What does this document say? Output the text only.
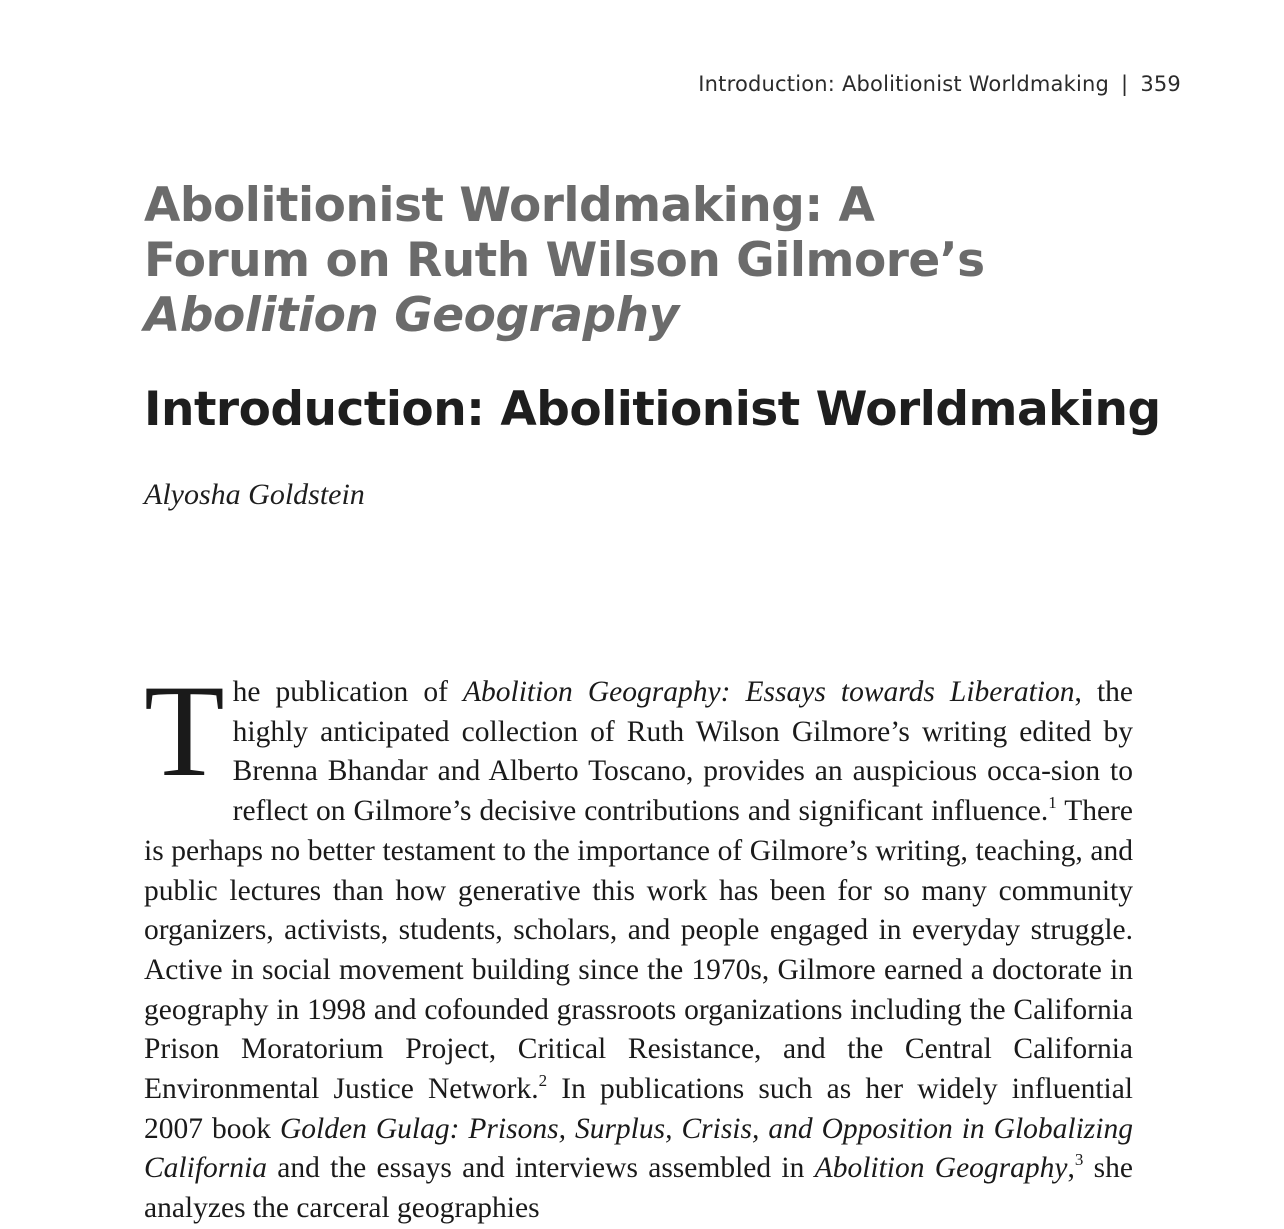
Introduction: Abolitionist Worldmaking | 359
Abolitionist Worldmaking: A Forum on Ruth Wilson Gilmore’s Abolition Geography
Introduction: Abolitionist Worldmaking

Alyosha Goldstein

The publication of Abolition Geography: Essays towards Liberation, the highly anticipated collection of Ruth Wilson Gilmore’s writing edited by Brenna Bhandar and Alberto Toscano, provides an auspicious occa-sion to reflect on Gilmore’s decisive contributions and significant influence.$^1$ There is perhaps no better testament to the importance of Gilmore’s writing, teaching, and public lectures than how generative this work has been for so many community organizers, activists, students, scholars, and people engaged in everyday struggle. Active in social movement building since the 1970s, Gilmore earned a doctorate in geography in 1998 and cofounded grassroots organizations including the California Prison Moratorium Project, Critical Resistance, and the Central California Environmental Justice Network.$^2$ In publications such as her widely influential 2007 book Golden Gulag: Prisons, Surplus, Crisis, and Opposition in Globalizing California and the essays and interviews assembled in Abolition Geography,$^3$ she analyzes the carceral geographies
